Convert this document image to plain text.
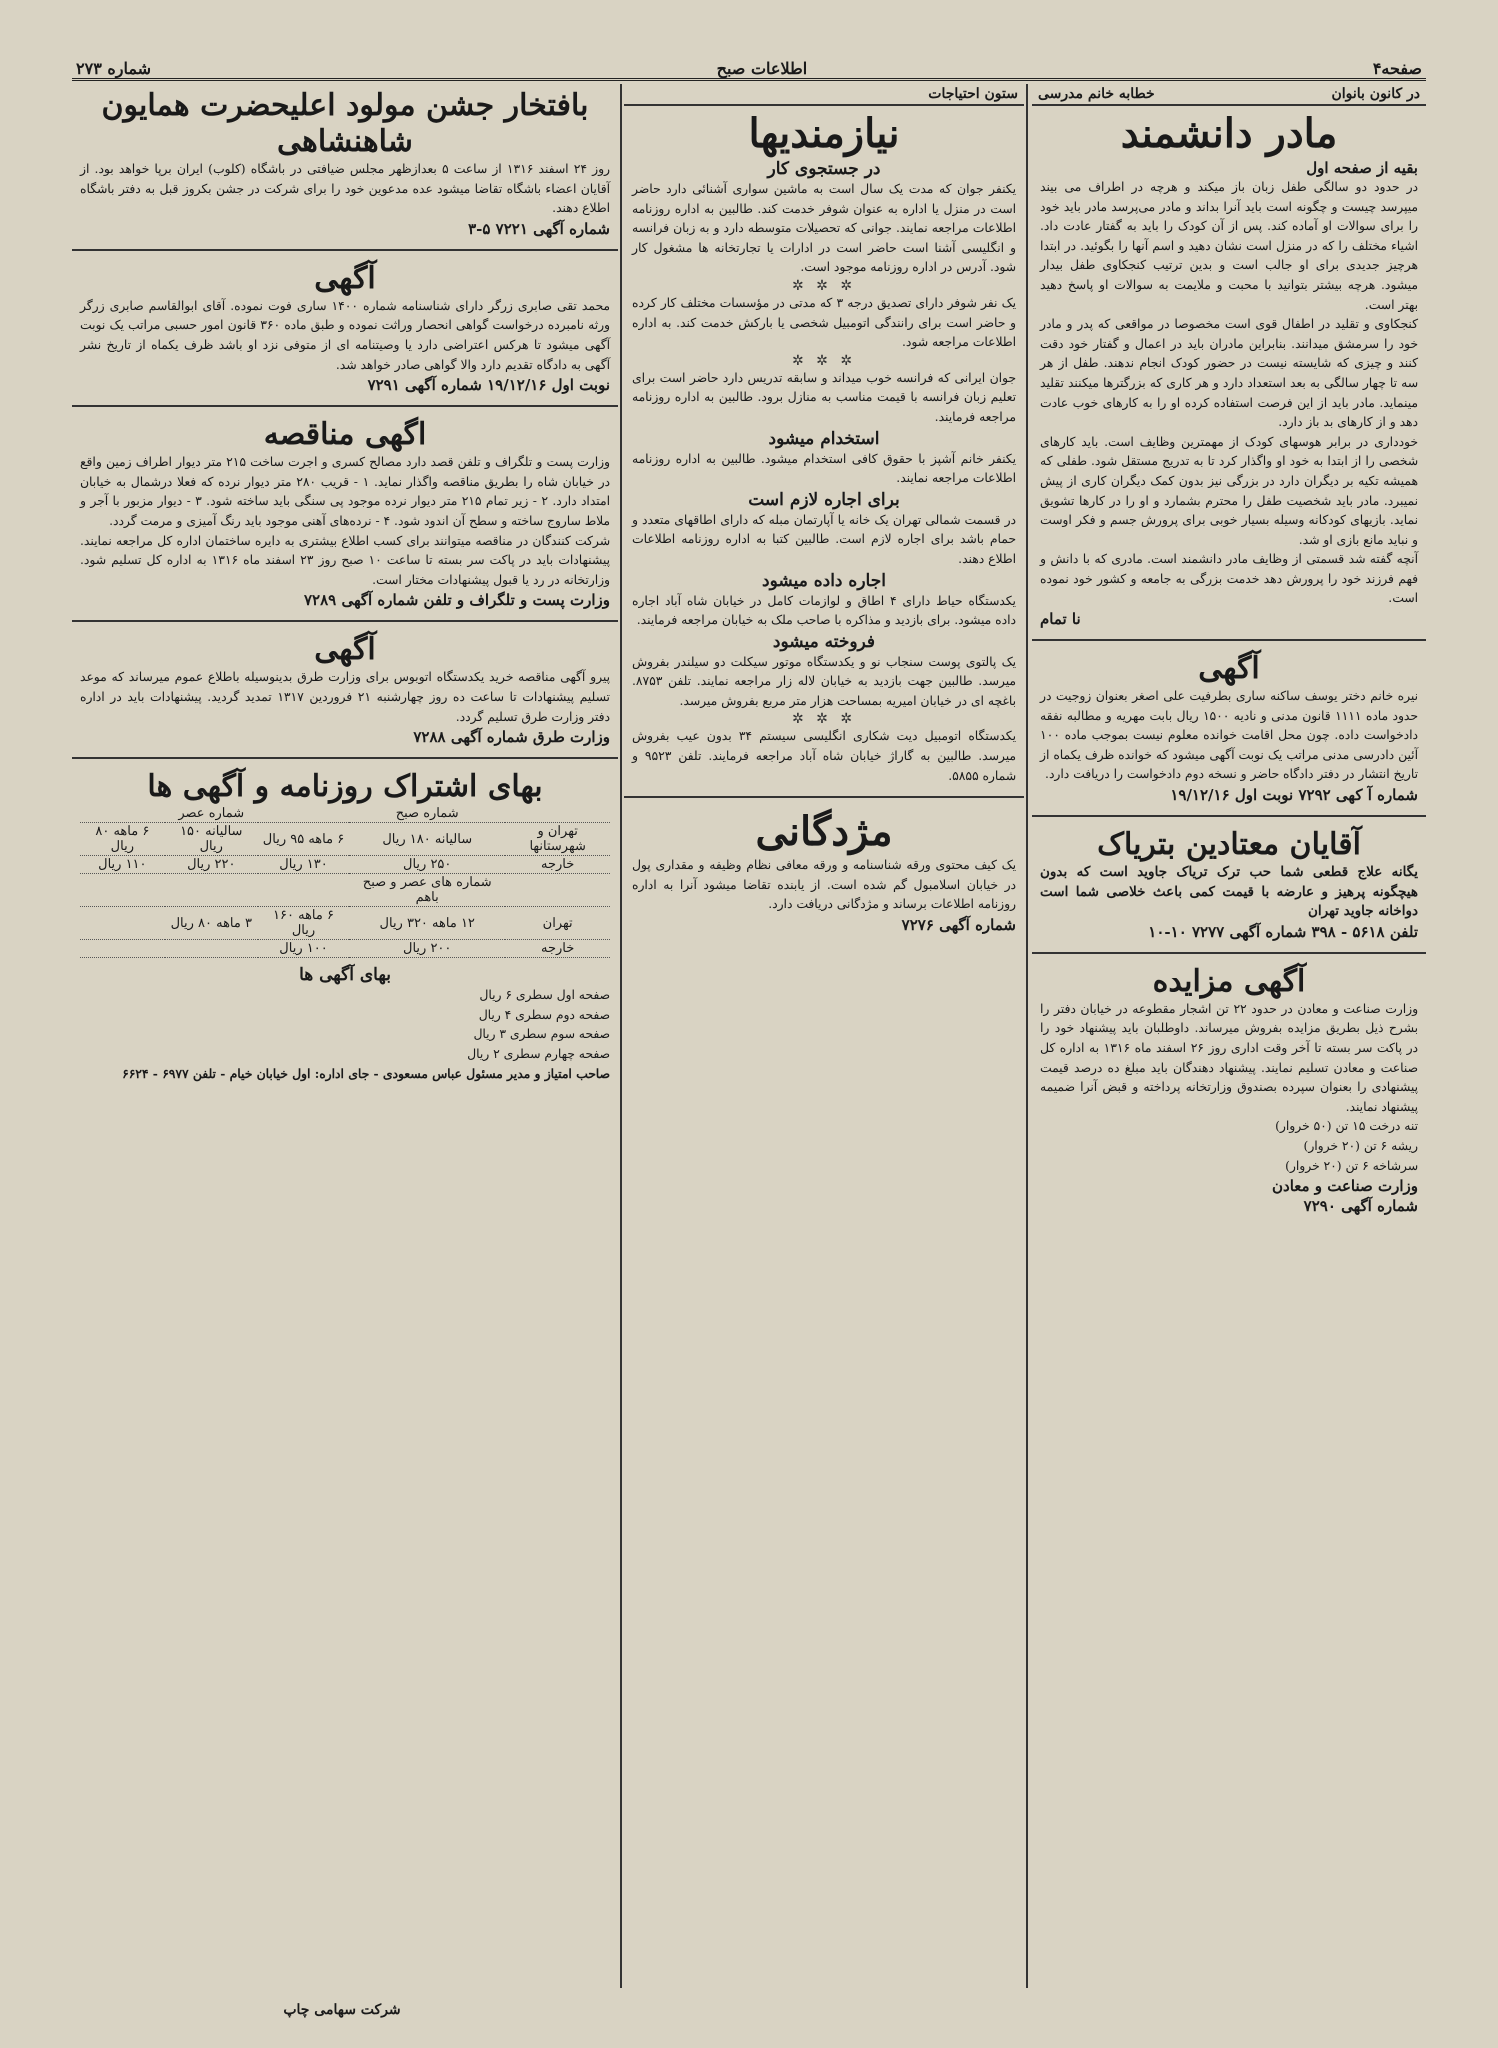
صفحه۴
اطلاعات صبح
شماره ۲۷۳
در کانون بانوان
خطابه خانم مدرسی
مادر دانشمند
بقیه از صفحه اول
در حدود دو سالگی طفل زبان باز میکند و هرچه در اطراف می بیند میپرسد چیست و چگونه است باید آنرا بداند و مادر می‌پرسد مادر باید خود را برای سوالات او آماده کند. پس از آن کودک را باید به گفتار عادت داد. اشیاء مختلف را که در منزل است نشان دهید و اسم آنها را بگوئید. در ابتدا هرچیز جدیدی برای او جالب است و بدین ترتیب کنجکاوی طفل بیدار میشود. هرچه بیشتر بتوانید با محبت و ملایمت به سوالات او پاسخ دهید بهتر است.
کنجکاوی و تقلید در اطفال قوی است مخصوصا در مواقعی که پدر و مادر خود را سرمشق میدانند. بنابراین مادران باید در اعمال و گفتار خود دقت کنند و چیزی که شایسته نیست در حضور کودک انجام ندهند. طفل از هر سه تا چهار سالگی به بعد استعداد دارد و هر کاری که بزرگترها میکنند تقلید مینماید. مادر باید از این فرصت استفاده کرده او را به کارهای خوب عادت دهد و از کارهای بد باز دارد.
خودداری در برابر هوسهای کودک از مهمترین وظایف است. باید کارهای شخصی را از ابتدا به خود او واگذار کرد تا به تدریج مستقل شود. طفلی که همیشه تکیه بر دیگران دارد در بزرگی نیز بدون کمک دیگران کاری از پیش نمیبرد. مادر باید شخصیت طفل را محترم بشمارد و او را در کارها تشویق نماید. بازیهای کودکانه وسیله بسیار خوبی برای پرورش جسم و فکر اوست و نباید مانع بازی او شد.
آنچه گفته شد قسمتی از وظایف مادر دانشمند است. مادری که با دانش و فهم فرزند خود را پرورش دهد خدمت بزرگی به جامعه و کشور خود نموده است.
نا تمام
آگهی
نیره خانم دختر یوسف ساکنه ساری بطرفیت علی اصغر بعنوان زوجیت در حدود ماده ۱۱۱۱ قانون مدنی و نادیه ۱۵۰۰ ریال بابت مهریه و مطالبه نفقه دادخواست داده. چون محل اقامت خوانده معلوم نیست بموجب ماده ۱۰۰ آئین دادرسی مدنی مراتب یک نوبت آگهی میشود که خوانده ظرف یکماه از تاریخ انتشار در دفتر دادگاه حاضر و نسخه دوم دادخواست را دریافت دارد.
شماره آ کهی ۷۲۹۲ نوبت اول ۱۹/۱۲/۱۶
آقایان معتادین بتریاک
یگانه علاج قطعی شما حب ترک تریاک جاوید است که بدون هیچگونه پرهیز و عارضه با قیمت کمی باعث خلاصی شما است دواخانه جاوید تهران
تلفن ۵۶۱۸ - ۳۹۸ شماره آگهی ۷۲۷۷ ۱۰-۱۰
آگهی مزایده
وزارت صناعت و معادن در حدود ۲۲ تن اشجار مقطوعه در خیابان دفتر را بشرح ذیل بطریق مزایده بفروش میرساند. داوطلبان باید پیشنهاد خود را در پاکت سر بسته تا آخر وقت اداری روز ۲۶ اسفند ماه ۱۳۱۶ به اداره کل صناعت و معادن تسلیم نمایند. پیشنهاد دهندگان باید مبلغ ده درصد قیمت پیشنهادی را بعنوان سپرده بصندوق وزارتخانه پرداخته و قبض آنرا ضمیمه پیشنهاد نمایند.
تنه درخت ۱۵ تن (۵۰ خروار)
ریشه ۶ تن (۲۰ خروار)
سرشاخه ۶ تن (۲۰ خروار)
وزارت صناعت و معادن
شماره آگهی ۷۲۹۰
ستون احتیاجات
نیازمندیها
در جستجوی کار
یکنفر جوان که مدت یک سال است به ماشین سواری آشنائی دارد حاضر است در منزل یا اداره به عنوان شوفر خدمت کند. طالبین به اداره روزنامه اطلاعات مراجعه نمایند. جوانی که تحصیلات متوسطه دارد و به زبان فرانسه و انگلیسی آشنا است حاضر است در ادارات یا تجارتخانه ها مشغول کار شود. آدرس در اداره روزنامه موجود است.
✲ ✲ ✲
یک نفر شوفر دارای تصدیق درجه ۳ که مدتی در مؤسسات مختلف کار کرده و حاضر است برای رانندگی اتومبیل شخصی یا بارکش خدمت کند. به اداره اطلاعات مراجعه شود.
✲ ✲ ✲
جوان ایرانی که فرانسه خوب میداند و سابقه تدریس دارد حاضر است برای تعلیم زبان فرانسه با قیمت مناسب به منازل برود. طالبین به اداره روزنامه مراجعه فرمایند.
استخدام میشود
یکنفر خانم آشپز با حقوق کافی استخدام میشود. طالبین به اداره روزنامه اطلاعات مراجعه نمایند.
برای اجاره لازم است
در قسمت شمالی تهران یک خانه یا آپارتمان مبله که دارای اطاقهای متعدد و حمام باشد برای اجاره لازم است. طالبین کتبا به اداره روزنامه اطلاعات اطلاع دهند.
اجاره داده میشود
یکدستگاه حیاط دارای ۴ اطاق و لوازمات کامل در خیابان شاه آباد اجاره داده میشود. برای بازدید و مذاکره با صاحب ملک به خیابان مراجعه فرمایند.
فروخته میشود
یک پالتوی پوست سنجاب نو و یکدستگاه موتور سیکلت دو سیلندر بفروش میرسد. طالبین جهت بازدید به خیابان لاله زار مراجعه نمایند. تلفن ۸۷۵۳. باغچه ای در خیابان امیریه بمساحت هزار متر مربع بفروش میرسد.
✲ ✲ ✲
یکدستگاه اتومبیل دیت شکاری انگلیسی سیستم ۳۴ بدون عیب بفروش میرسد. طالبین به گاراژ خیابان شاه آباد مراجعه فرمایند. تلفن ۹۵۲۳ و شماره ۵۸۵۵.
مژدگانی
یک کیف محتوی ورقه شناسنامه و ورقه معافی نظام وظیفه و مقداری پول در خیابان اسلامبول گم شده است. از یابنده تقاضا میشود آنرا به اداره روزنامه اطلاعات برساند و مژدگانی دریافت دارد.
شماره آگهی ۷۲۷۶
بافتخار جشن مولود اعلیحضرت همایون شاهنشاهی
روز ۲۴ اسفند ۱۳۱۶ از ساعت ۵ بعدازظهر مجلس ضیافتی در باشگاه (کلوب) ایران برپا خواهد بود. از آقایان اعضاء باشگاه تقاضا میشود عده مدعوین خود را برای شرکت در جشن بکروز قبل به دفتر باشگاه اطلاع دهند.
شماره آگهی ۷۲۲۱ ۵-۳
آگهی
محمد تقی صابری زرگر دارای شناسنامه شماره ۱۴۰۰ ساری فوت نموده. آقای ابوالقاسم صابری زرگر ورثه نامبرده درخواست گواهی انحصار وراثت نموده و طبق ماده ۳۶۰ قانون امور حسبی مراتب یک نوبت آگهی میشود تا هرکس اعتراضی دارد یا وصیتنامه ای از متوفی نزد او باشد ظرف یکماه از تاریخ نشر آگهی به دادگاه تقدیم دارد والا گواهی صادر خواهد شد.
نوبت اول ۱۹/۱۲/۱۶ شماره آگهی ۷۲۹۱
اگهی مناقصه
وزارت پست و تلگراف و تلفن قصد دارد مصالح کسری و اجرت ساخت ۲۱۵ متر دیوار اطراف زمین واقع در خیابان شاه را بطریق مناقصه واگذار نماید. ۱ - قریب ۲۸۰ متر دیوار نرده که فعلا درشمال به خیابان امتداد دارد. ۲ - زیر تمام ۲۱۵ متر دیوار نرده موجود پی سنگی باید ساخته شود. ۳ - دیوار مزبور با آجر و ملاط ساروج ساخته و سطح آن اندود شود. ۴ - نرده‌های آهنی موجود باید رنگ آمیزی و مرمت گردد.
شرکت کنندگان در مناقصه میتوانند برای کسب اطلاع بیشتری به دایره ساختمان اداره کل مراجعه نمایند. پیشنهادات باید در پاکت سر بسته تا ساعت ۱۰ صبح روز ۲۳ اسفند ماه ۱۳۱۶ به اداره کل تسلیم شود. وزارتخانه در رد یا قبول پیشنهادات مختار است.
وزارت پست و تلگراف و تلفن شماره آگهی ۷۲۸۹
آگهی
پیرو آگهی مناقصه خرید یکدستگاه اتوبوس برای وزارت طرق بدینوسیله باطلاع عموم میرساند که موعد تسلیم پیشنهادات تا ساعت ده روز چهارشنبه ۲۱ فروردین ۱۳۱۷ تمدید گردید. پیشنهادات باید در اداره دفتر وزارت طرق تسلیم گردد.
وزارت طرق شماره آگهی ۷۲۸۸
بهای اشتراک روزنامه و آگهی ها
	شماره صبح		شماره عصر	
تهران و شهرستانها	سالیانه ۱۸۰ ریال	۶ ماهه ۹۵ ریال	سالیانه ۱۵۰ ریال	۶ ماهه ۸۰ ریال
خارجه	۲۵۰ ریال	۱۳۰ ریال	۲۲۰ ریال	۱۱۰ ریال
	شماره های عصر و صبح باهم			
تهران	۱۲ ماهه ۳۲۰ ریال	۶ ماهه ۱۶۰ ریال	۳ ماهه ۸۰ ریال	
خارجه	۲۰۰ ریال	۱۰۰ ریال		
بهای آگهی ها
صفحه اول سطری ۶ ریال
صفحه دوم سطری ۴ ریال
صفحه سوم سطری ۳ ریال
صفحه چهارم سطری ۲ ریال
صاحب امتیاز و مدیر مسئول عباس مسعودی - جای اداره: اول خیابان خیام - تلفن ۶۹۷۷ - ۶۶۲۴
شرکت سهامی چاپ
